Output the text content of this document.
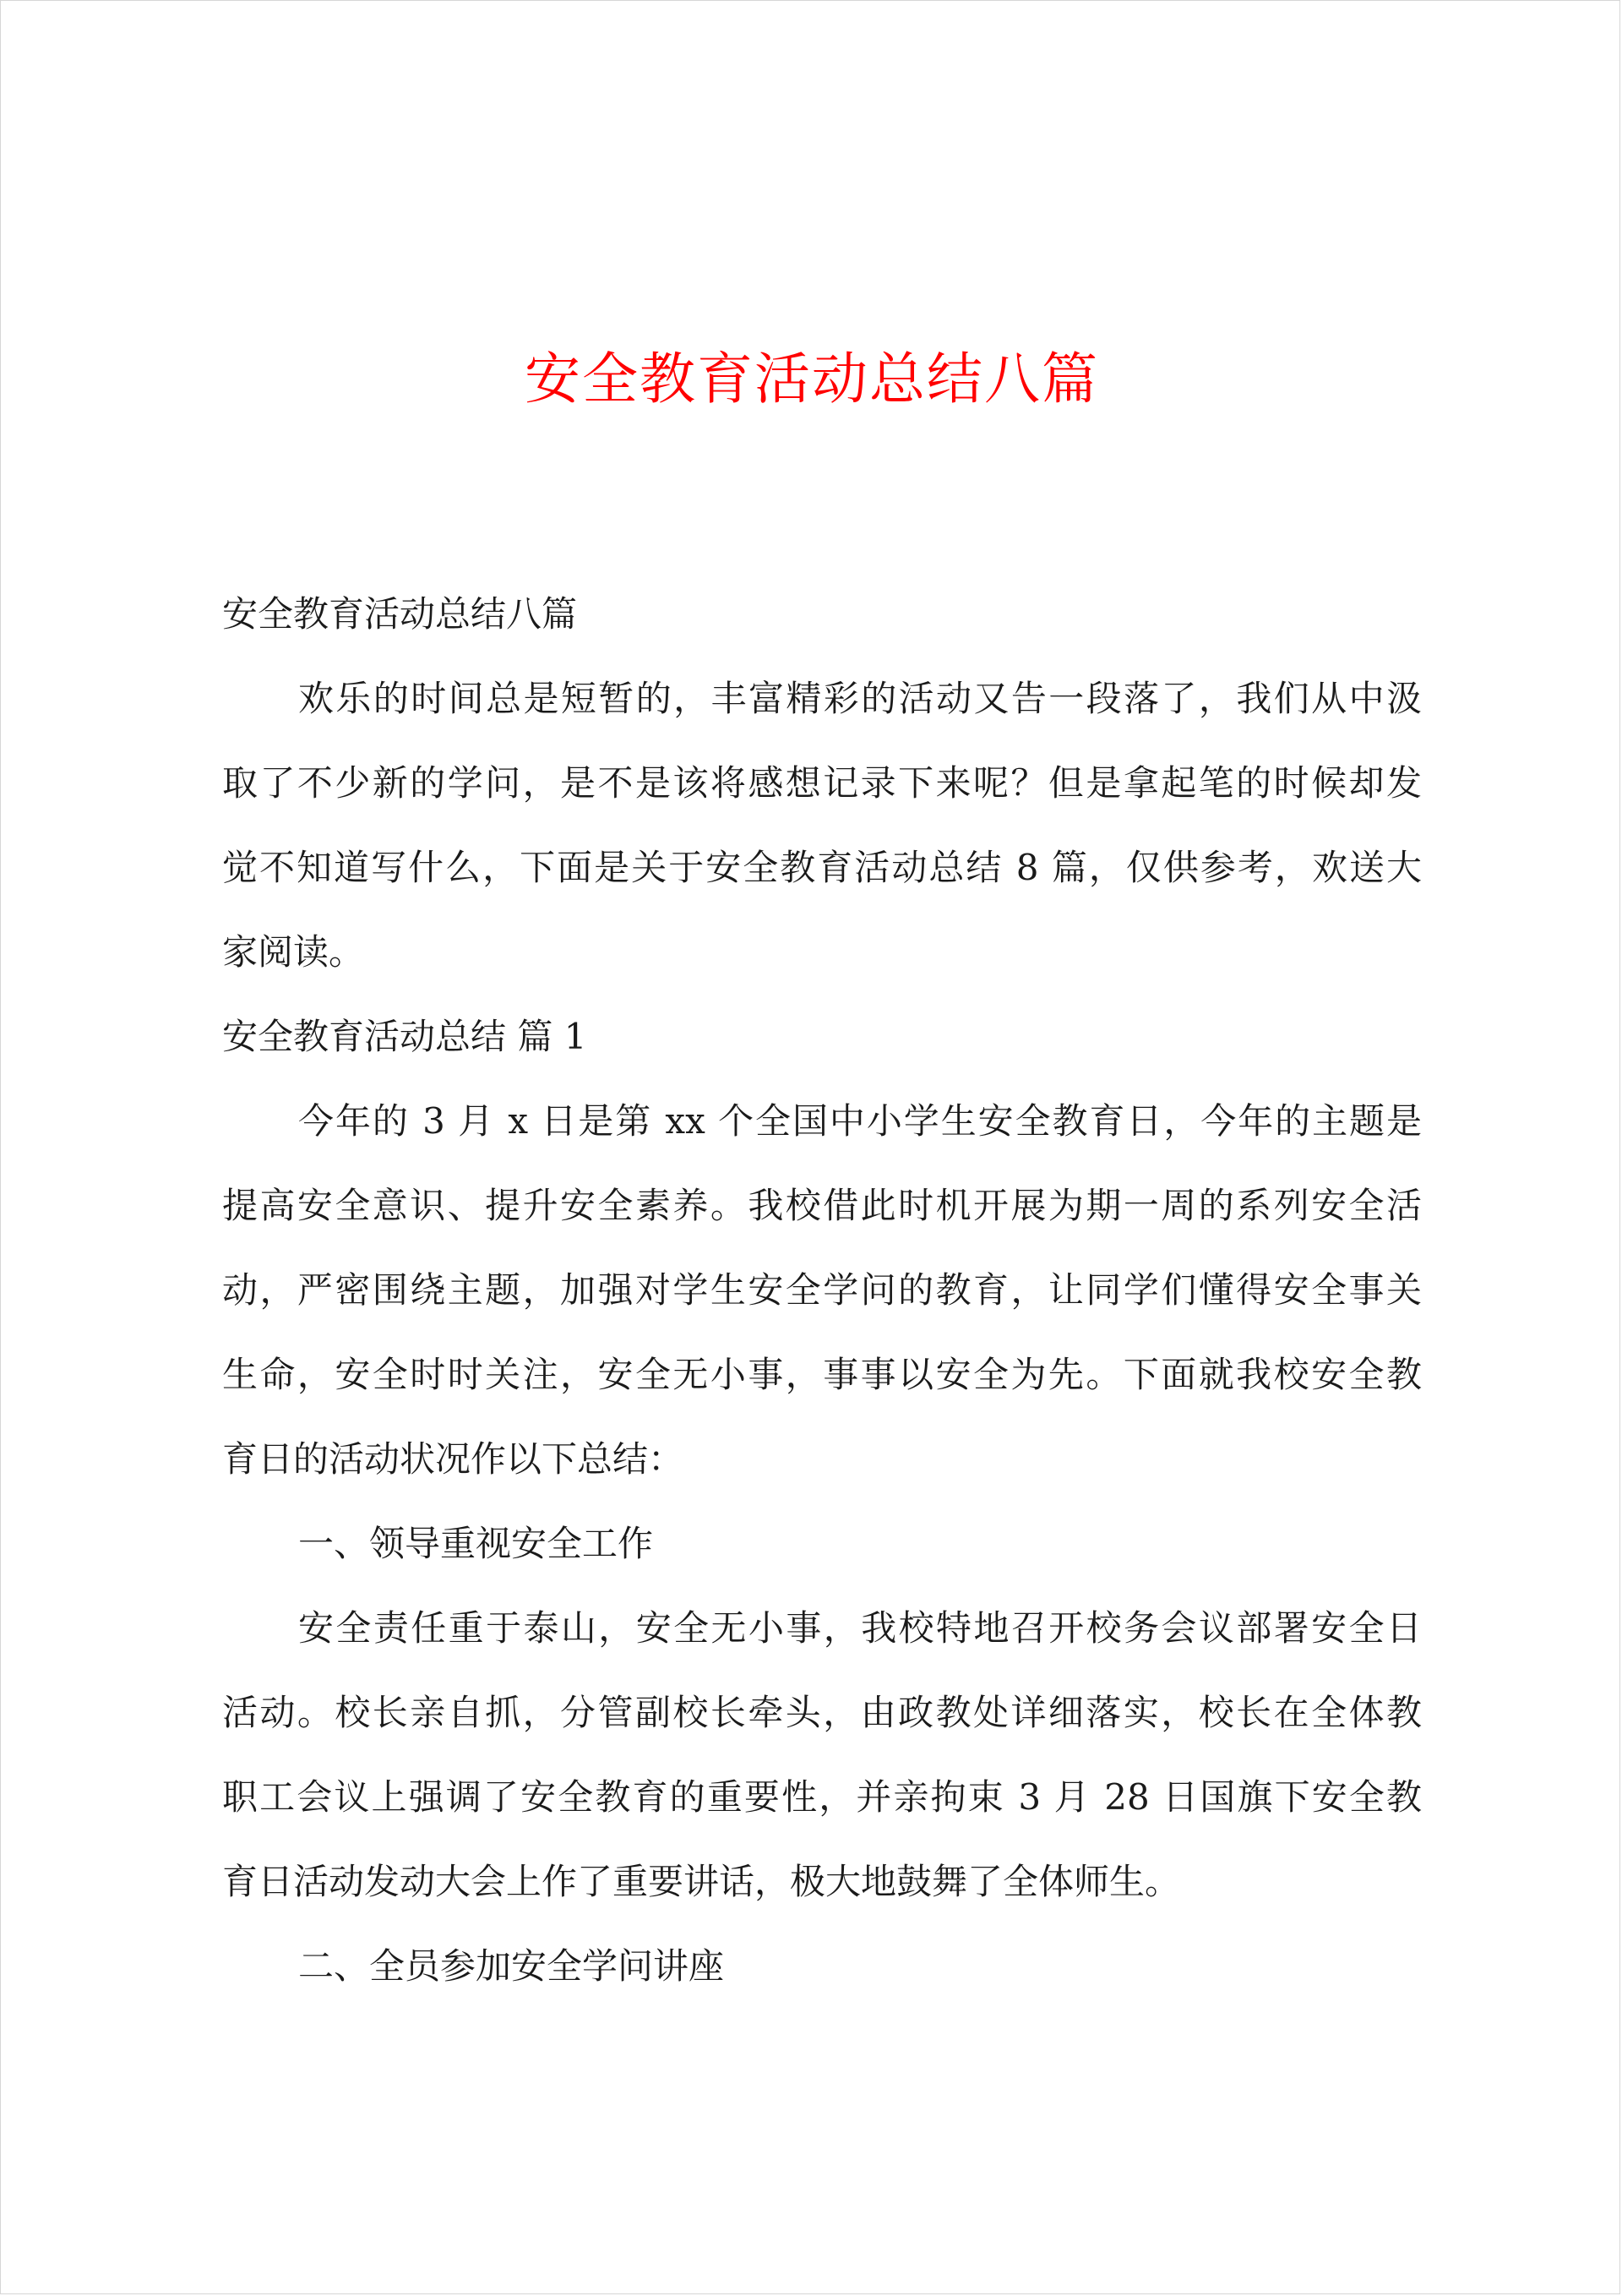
安全教育活动总结八篇

安全教育活动总结八篇

欢乐的时间总是短暂的，丰富精彩的活动又告一段落了，我们从中汲

取了不少新的学问，是不是该将感想记录下来呢？但是拿起笔的时候却发

觉不知道写什么，下面是关于安全教育活动总结 8 篇，仅供参考，欢送大

家阅读。

安全教育活动总结 篇 1

今年的 3 月 x 日是第 xx 个全国中小学生安全教育日，今年的主题是

提高安全意识、提升安全素养。我校借此时机开展为期一周的系列安全活

动，严密围绕主题，加强对学生安全学问的教育，让同学们懂得安全事关

生命，安全时时关注，安全无小事，事事以安全为先。下面就我校安全教

育日的活动状况作以下总结：

一、领导重视安全工作

安全责任重于泰山，安全无小事，我校特地召开校务会议部署安全日

活动。校长亲自抓，分管副校长牵头，由政教处详细落实，校长在全体教

职工会议上强调了安全教育的重要性，并亲拘束 3 月 28 日国旗下安全教

育日活动发动大会上作了重要讲话，极大地鼓舞了全体师生。

二、全员参加安全学问讲座
